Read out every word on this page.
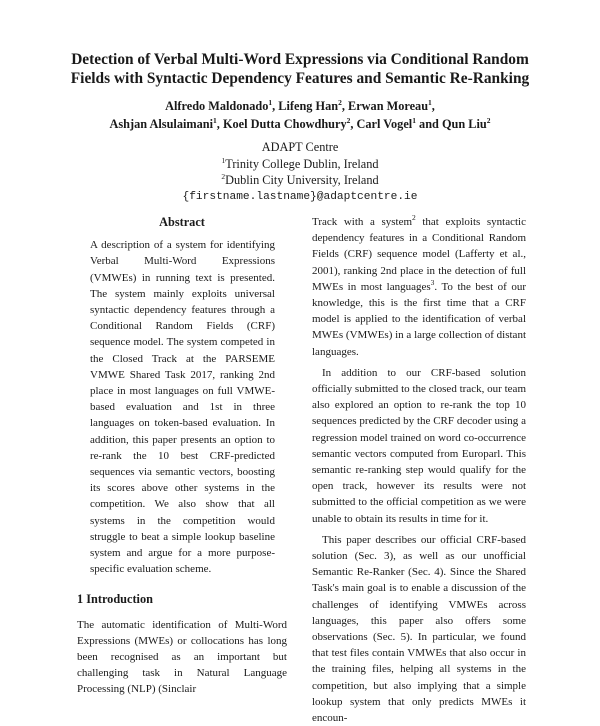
Detection of Verbal Multi-Word Expressions via Conditional Random
Fields with Syntactic Dependency Features and Semantic Re-Ranking
Alfredo Maldonado$^1$, Lifeng Han$^2$, Erwan Moreau$^1$,
Ashjan Alsulaimani$^1$, Koel Dutta Chowdhury$^2$, Carl Vogel$^1$ and Qun Liu$^2$
ADAPT Centre
$^1$Trinity College Dublin, Ireland
$^2$Dublin City University, Ireland
{firstname.lastname}@adaptcentre.ie
Abstract

A description of a system for identifying Verbal Multi-Word Expressions (VMWEs) in running text is presented. The system mainly exploits universal syntactic dependency features through a Conditional Random Fields (CRF) sequence model. The system competed in the Closed Track at the PARSEME VMWE Shared Task 2017, ranking 2nd place in most languages on full VMWE-based evaluation and 1st in three languages on token-based evaluation. In addition, this paper presents an option to re-rank the 10 best CRF-predicted sequences via semantic vectors, boosting its scores above other systems in the competition. We also show that all systems in the competition would struggle to beat a simple lookup baseline system and argue for a more purpose-specific evaluation scheme.

1 Introduction

The automatic identification of Multi-Word Expressions (MWEs) or collocations has long been recognised as an important but challenging task in Natural Language Processing (NLP) (Sinclair

Track with a system$^2$ that exploits syntactic dependency features in a Conditional Random Fields (CRF) sequence model (Lafferty et al., 2001), ranking 2nd place in the detection of full MWEs in most languages$^3$. To the best of our knowledge, this is the first time that a CRF model is applied to the identification of verbal MWEs (VMWEs) in a large collection of distant languages.

In addition to our CRF-based solution officially submitted to the closed track, our team also explored an option to re-rank the top 10 sequences predicted by the CRF decoder using a regression model trained on word co-occurrence semantic vectors computed from Europarl. This semantic re-ranking step would qualify for the open track, however its results were not submitted to the official competition as we were unable to obtain its results in time for it.

This paper describes our official CRF-based solution (Sec. 3), as well as our unofficial Semantic Re-Ranker (Sec. 4). Since the Shared Task's main goal is to enable a discussion of the challenges of identifying VMWEs across languages, this paper also offers some observations (Sec. 5). In particular, we found that test files contain VMWEs that also occur in the training files, helping all systems in the competition, but also implying that a simple lookup system that only predicts MWEs it encoun-
